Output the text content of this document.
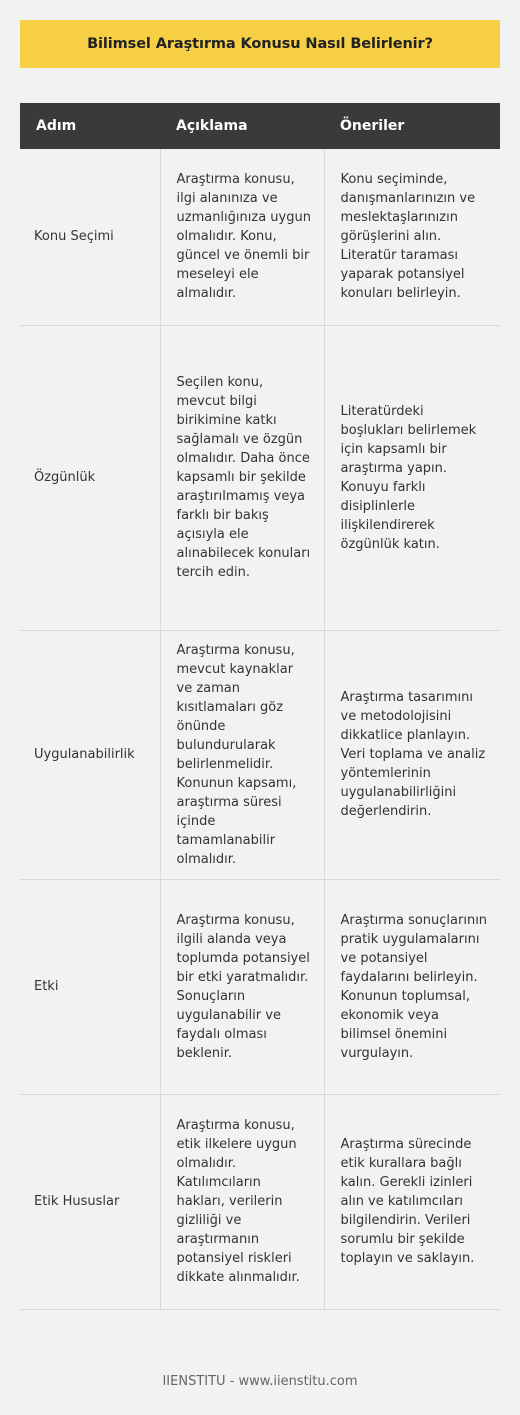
Bilimsel Araştırma Konusu Nasıl Belirlenir?
Adım	Açıklama	Öneriler
Konu Seçimi	Araştırma konusu, ilgi alanınıza ve uzmanlığınıza uygun olmalıdır. Konu, güncel ve önemli bir meseleyi ele almalıdır.	Konu seçiminde, danışmanlarınızın ve meslektaşlarınızın görüşlerini alın. Literatür taraması yaparak potansiyel konuları belirleyin.
Özgünlük	Seçilen konu, mevcut bilgi birikimine katkı sağlamalı ve özgün olmalıdır. Daha önce kapsamlı bir şekilde araştırılmamış veya farklı bir bakış açısıyla ele alınabilecek konuları tercih edin.	Literatürdeki boşlukları belirlemek için kapsamlı bir araştırma yapın. Konuyu farklı disiplinlerle ilişkilendirerek özgünlük katın.
Uygulanabilirlik	Araştırma konusu, mevcut kaynaklar ve zaman kısıtlamaları göz önünde bulundurularak belirlenmelidir. Konunun kapsamı, araştırma süresi içinde tamamlanabilir olmalıdır.	Araştırma tasarımını ve metodolojisini dikkatlice planlayın. Veri toplama ve analiz yöntemlerinin uygulanabilirliğini değerlendirin.
Etki	Araştırma konusu, ilgili alanda veya toplumda potansiyel bir etki yaratmalıdır. Sonuçların uygulanabilir ve faydalı olması beklenir.	Araştırma sonuçlarının pratik uygulamalarını ve potansiyel faydalarını belirleyin. Konunun toplumsal, ekonomik veya bilimsel önemini vurgulayın.
Etik Hususlar	Araştırma konusu, etik ilkelere uygun olmalıdır. Katılımcıların hakları, verilerin gizliliği ve araştırmanın potansiyel riskleri dikkate alınmalıdır.	Araştırma sürecinde etik kurallara bağlı kalın. Gerekli izinleri alın ve katılımcıları bilgilendirin. Verileri sorumlu bir şekilde toplayın ve saklayın.
IIENSTITU - www.iienstitu.com
